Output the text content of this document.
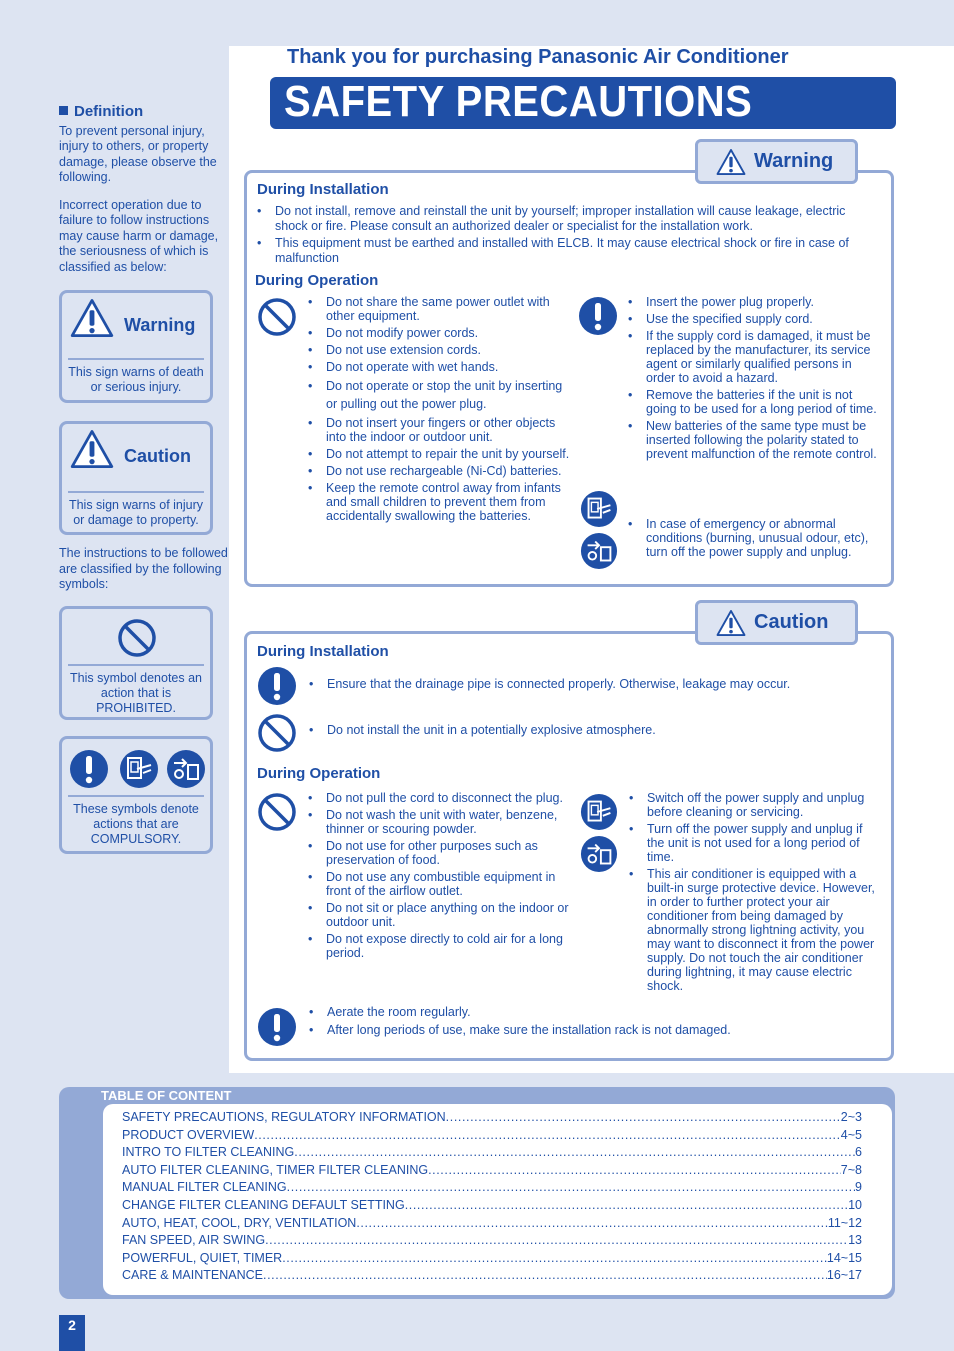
Definition
To prevent personal injury, injury to others, or property damage, please observe the following.
Incorrect operation due to failure to follow instructions may cause harm or damage, the seriousness of which is classified as below:
Warning
This sign warns of death or serious injury.
Caution
This sign warns of injury or damage to property.
The instructions to be followed are classified by the following symbols:
This symbol denotes an action that is PROHIBITED.
These symbols denote actions that are COMPULSORY.
Thank you for purchasing Panasonic Air Conditioner
SAFETY PRECAUTIONS
Warning
During Installation
• Do not install, remove and reinstall the unit by yourself; improper installation will cause leakage, electric shock or fire. Please consult an authorized dealer or specialist for the installation work.
• This equipment must be earthed and installed with ELCB. It may cause electrical shock or fire in case of malfunction
During Operation
• Do not share the same power outlet with other equipment.
• Do not modify power cords.
• Do not use extension cords.
• Do not operate with wet hands.
• Do not operate or stop the unit by inserting or pulling out the power plug.
• Do not insert your fingers or other objects into the indoor or outdoor unit.
• Do not attempt to repair the unit by yourself.
• Do not use rechargeable (Ni-Cd) batteries.
• Keep the remote control away from infants and small children to prevent them from accidentally swallowing the batteries.
• Insert the power plug properly.
• Use the specified supply cord.
• If the supply cord is damaged, it must be replaced by the manufacturer, its service agent or similarly qualified persons in order to avoid a hazard.
• Remove the batteries if the unit is not going to be used for a long period of time.
• New batteries of the same type must be inserted following the polarity stated to prevent malfunction of the remote control.
• In case of emergency or abnormal conditions (burning, unusual odour, etc), turn off the power supply and unplug.
Caution
During Installation
• Ensure that the drainage pipe is connected properly. Otherwise, leakage may occur.
• Do not install the unit in a potentially explosive atmosphere.
During Operation
• Do not pull the cord to disconnect the plug.
• Do not wash the unit with water, benzene, thinner or scouring powder.
• Do not use for other purposes such as preservation of food.
• Do not use any combustible equipment in front of the airflow outlet.
• Do not sit or place anything on the indoor or outdoor unit.
• Do not expose directly to cold air for a long period.
• Switch off the power supply and unplug before cleaning or servicing.
• Turn off the power supply and unplug if the unit is not used for a long period of time.
• This air conditioner is equipped with a built-in surge protective device. However, in order to further protect your air conditioner from being damaged by abnormally strong lightning activity, you may want to disconnect it from the power supply. Do not touch the air conditioner during lightning, it may cause electric shock.
• Aerate the room regularly.
• After long periods of use, make sure the installation rack is not damaged.
TABLE OF CONTENT
SAFETY PRECAUTIONS, REGULATORY INFORMATION .....	2~3
PRODUCT OVERVIEW .....	4~5
INTRO TO FILTER CLEANING .....	6
AUTO FILTER CLEANING, TIMER FILTER CLEANING .....	7~8
MANUAL FILTER CLEANING .....	9
CHANGE FILTER CLEANING DEFAULT SETTING .....	10
AUTO, HEAT, COOL, DRY, VENTILATION .....	11~12
FAN SPEED, AIR SWING .....	13
POWERFUL, QUIET, TIMER .....	14~15
CARE & MAINTENANCE .....	16~17
2
